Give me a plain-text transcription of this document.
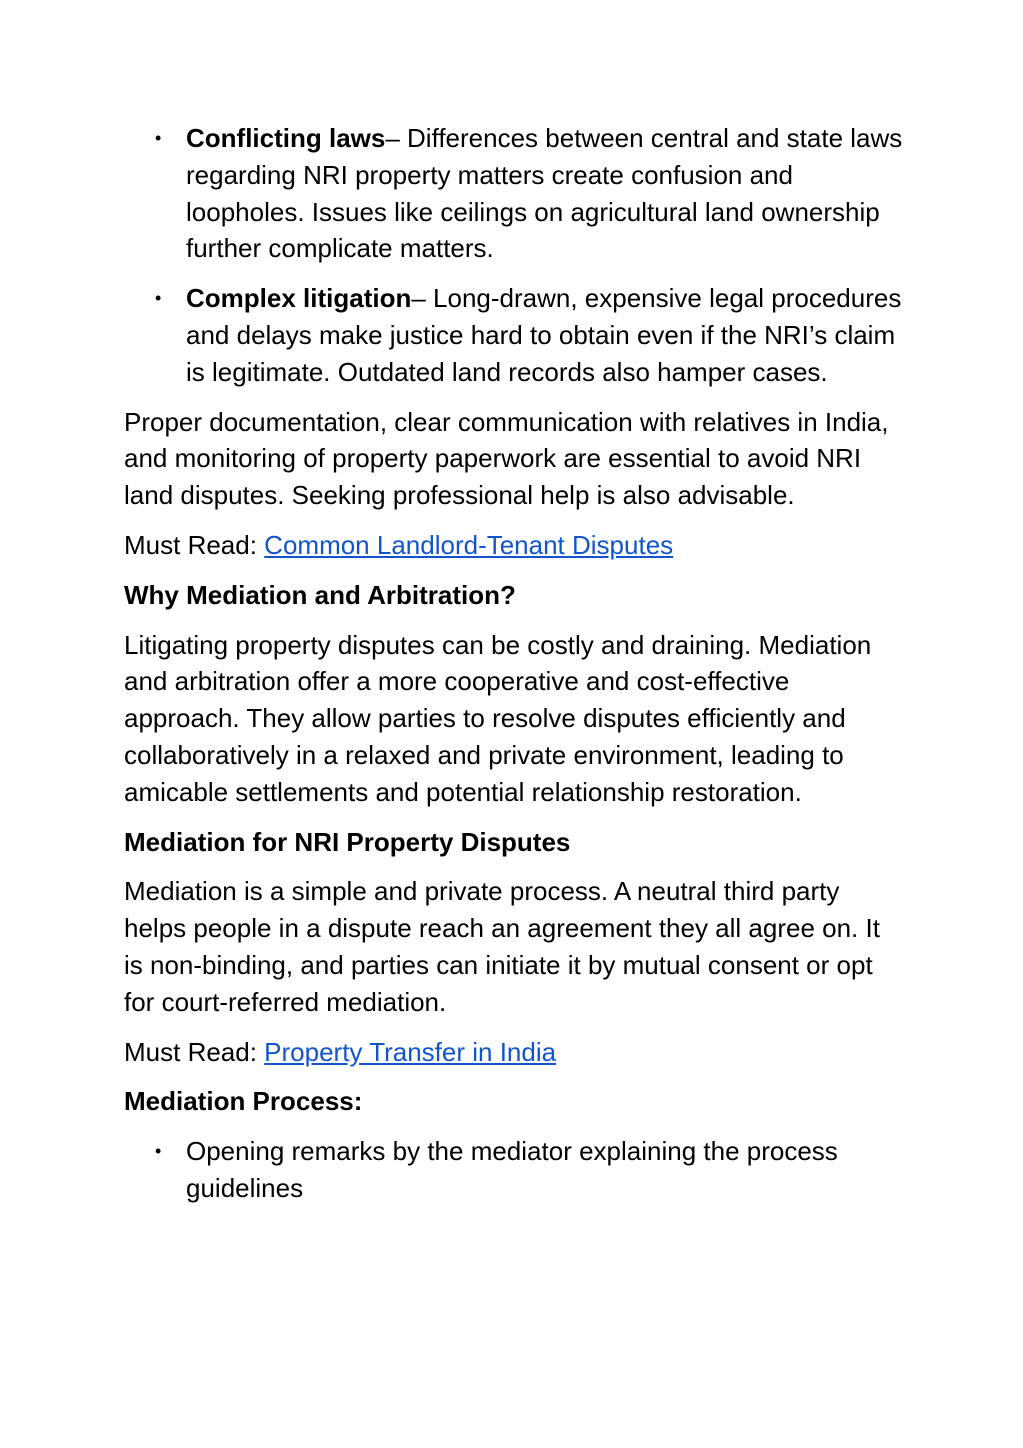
• Conflicting laws– Differences between central and state laws regarding NRI property matters create confusion and loopholes. Issues like ceilings on agricultural land ownership further complicate matters.
• Complex litigation– Long-drawn, expensive legal procedures and delays make justice hard to obtain even if the NRI’s claim is legitimate. Outdated land records also hamper cases.

Proper documentation, clear communication with relatives in India, and monitoring of property paperwork are essential to avoid NRI land disputes. Seeking professional help is also advisable.

Must Read: Common Landlord-Tenant Disputes

Why Mediation and Arbitration?

Litigating property disputes can be costly and draining. Mediation and arbitration offer a more cooperative and cost-effective approach. They allow parties to resolve disputes efficiently and collaboratively in a relaxed and private environment, leading to amicable settlements and potential relationship restoration.

Mediation for NRI Property Disputes

Mediation is a simple and private process. A neutral third party helps people in a dispute reach an agreement they all agree on. It is non-binding, and parties can initiate it by mutual consent or opt for court-referred mediation.

Must Read: Property Transfer in India

Mediation Process:
• Opening remarks by the mediator explaining the process guidelines
